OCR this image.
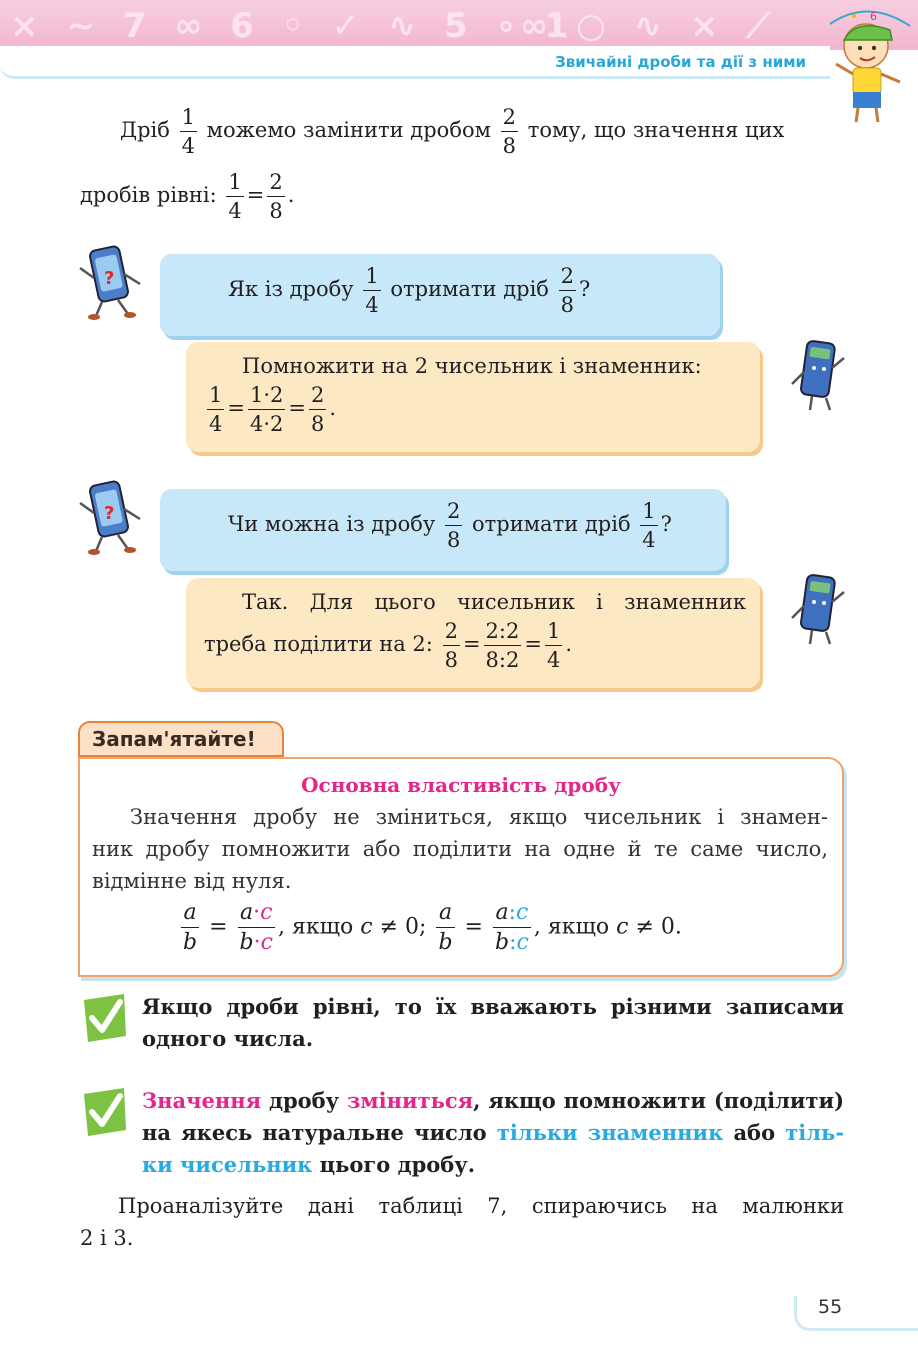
⨯ ~ 7 ∞ 6 ◦ ✓ ∿ 5 ∘ 1
∞ ○ ∿ ⨯ ⟋
Звичайні дроби та дії з ними
6
Дріб $\frac{1}{4}$ можемо замінити дробом $\frac{2}{8}$ тому, що значення цих
дробів рівні: $\frac{1}{4} = \frac{2}{8}$ .
?	Як із дробу $\frac{1}{4}$ отримати дріб $\frac{2}{8}$ ?
Помножити на 2 чисельник і знаменник:
$\frac{1}{4} = \frac{1\cdot 2}{4\cdot 2} = \frac{2}{8}$ .
?	Чи можна із дробу $\frac{2}{8}$ отримати дріб $\frac{1}{4}$ ?
Так. Для цього чисельник і знаменник
треба поділити на 2: $\frac{2}{8} = \frac{2:2}{8:2} = \frac{1}{4}$ .
Запам'ятайте!
Основна властивість дробу
Значення дробу не зміниться, якщо чисельник і знамен-
ник дробу помножити або поділити на одне й те саме число,
відмінне від нуля.
$\frac{a}{b} = \frac{a\cdot c}{b\cdot c}$ , якщо c ≠ 0; $\frac{a}{b} = \frac{a:c}{b:c}$ , якщо c ≠ 0.
Якщо дроби рівні, то їх вважають різними записами
одного числа.
Значення дробу зміниться, якщо помножити (поділити)
на якесь натуральне число тільки знаменник або тіль-
ки чисельник цього дробу.
Проаналізуйте дані таблиці 7, спираючись на малюнки
2 і 3.
55
